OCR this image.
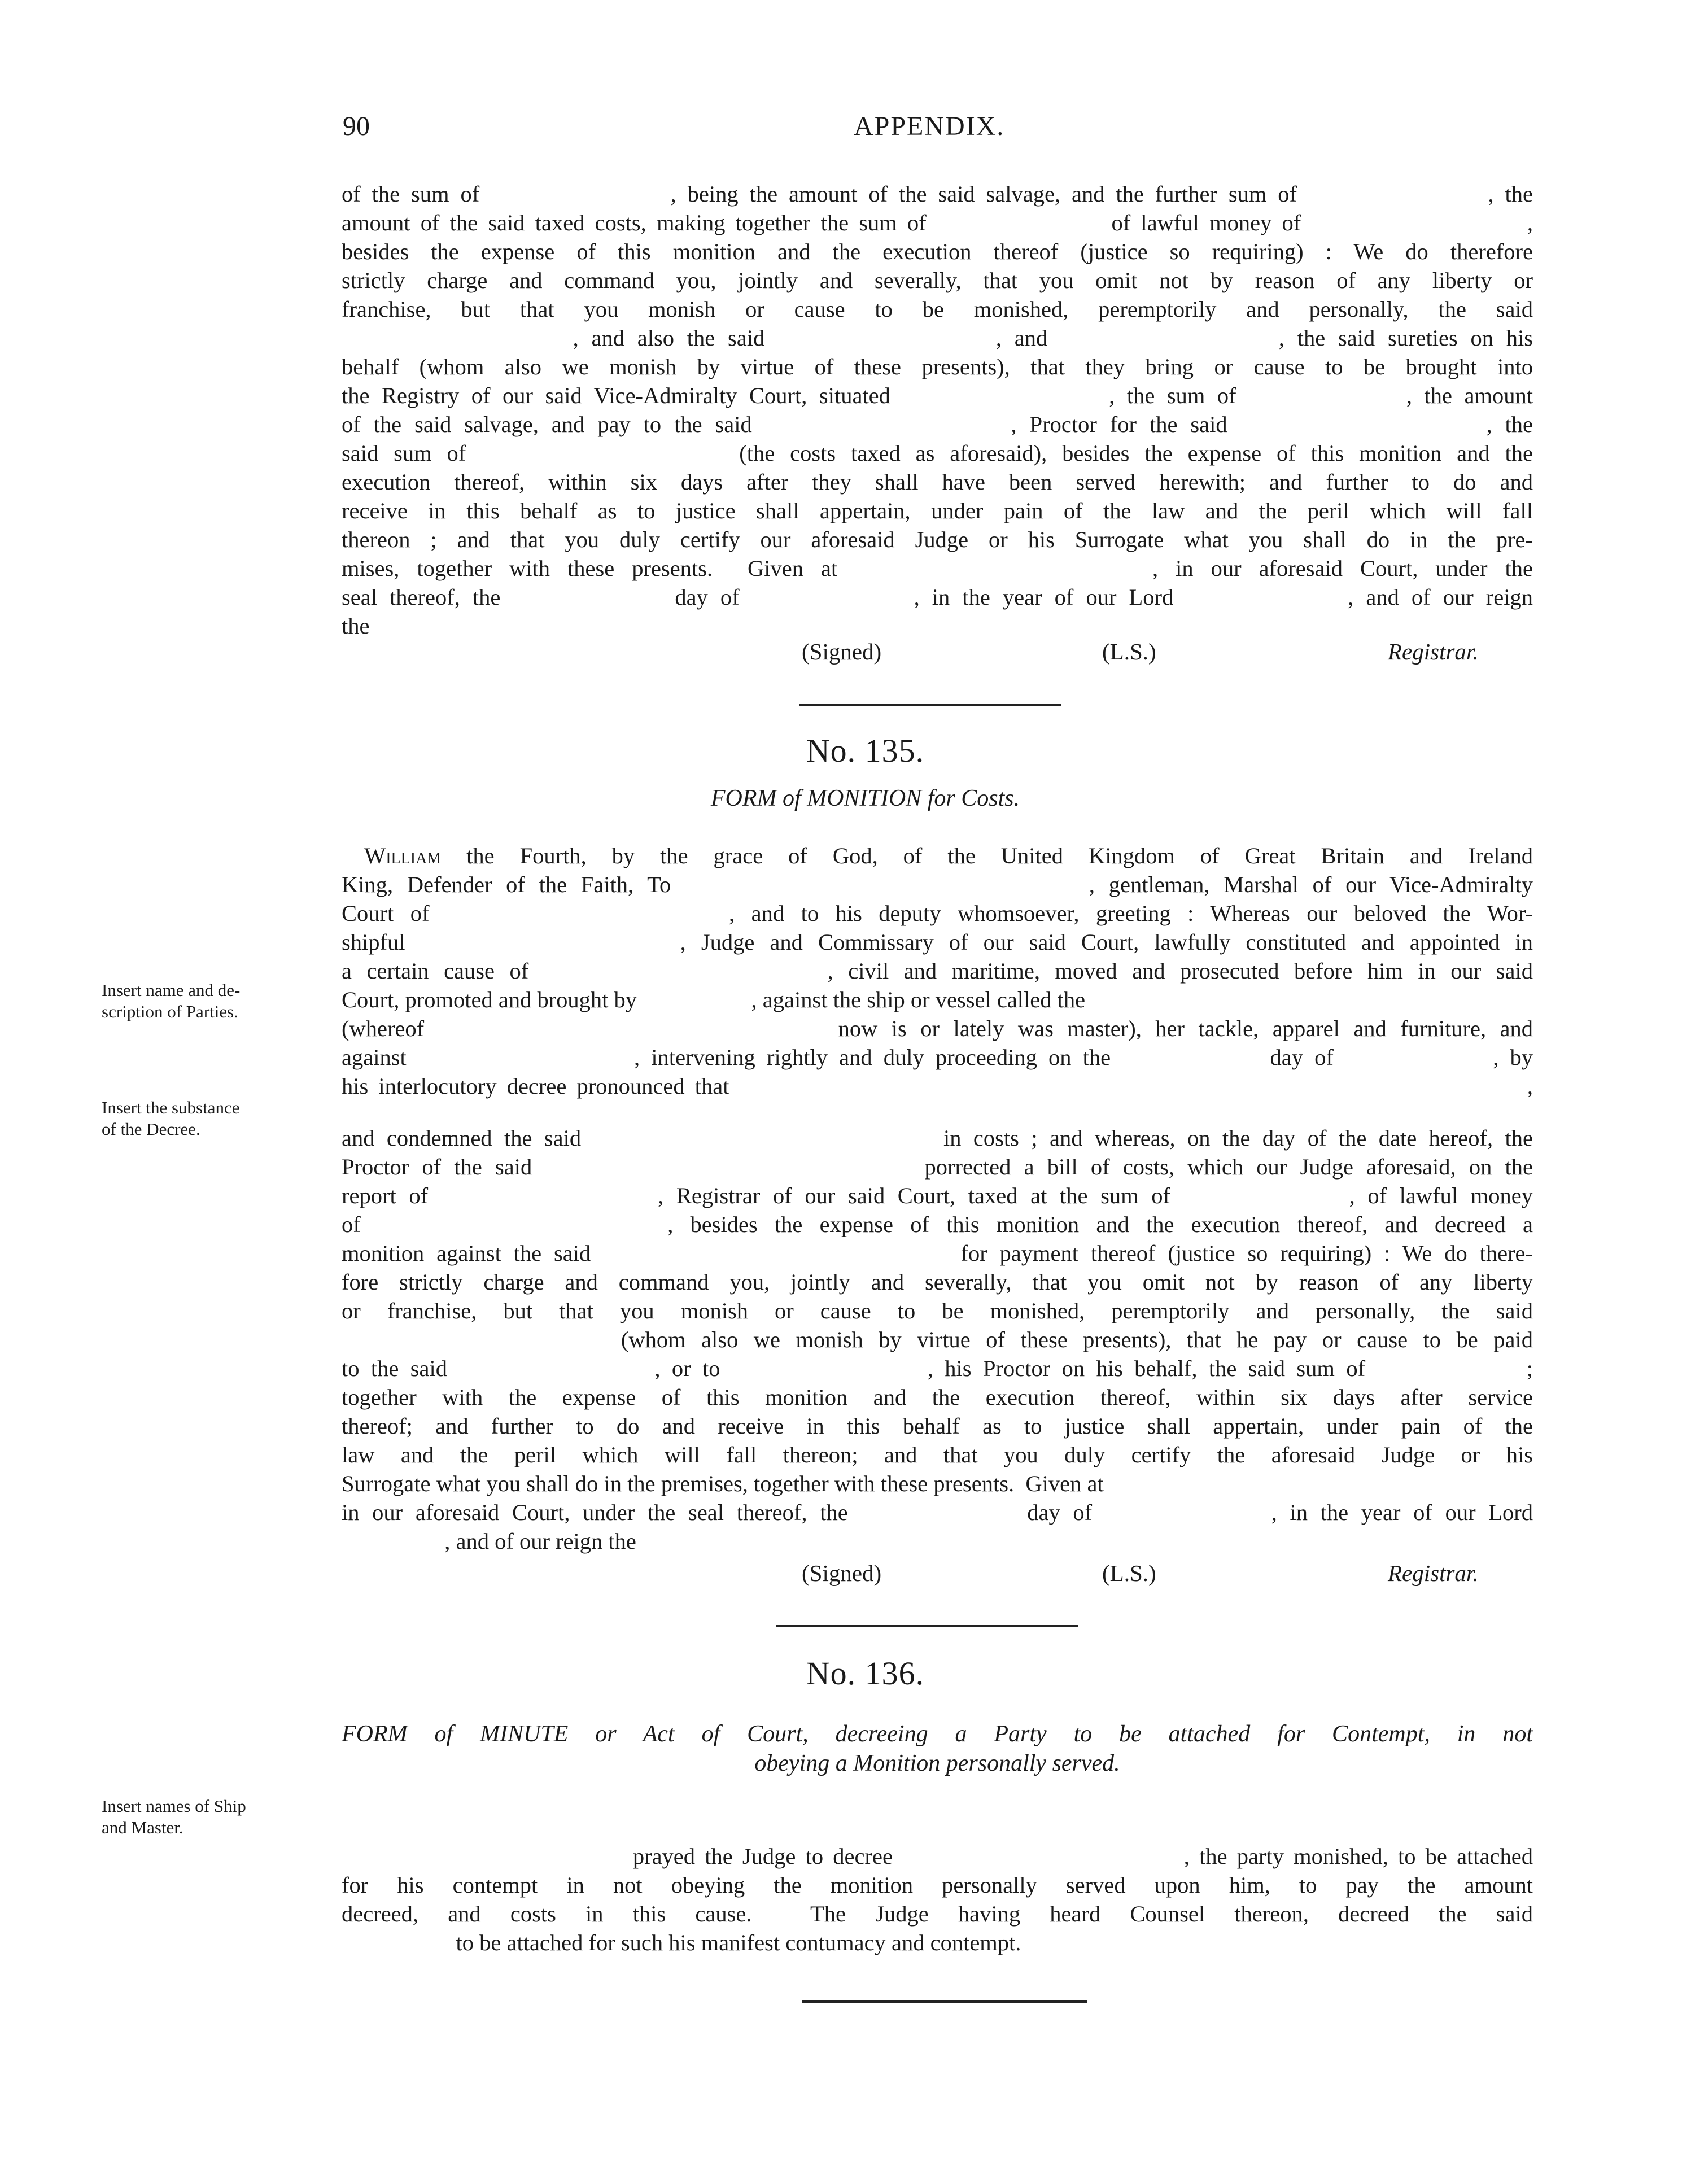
90	APPENDIX.
of the sum of                 , being the amount of the said salvage, and the further sum of                 , the
amount of the said taxed costs, making together the sum of                  of lawful money of                      ,
besides the expense of this monition and the execution thereof (justice so requiring) : We do therefore
strictly charge and command you, jointly and severally, that you omit not by reason of any liberty or
franchise, but that you monish or cause to be monished, peremptorily and personally, the said
, and also the said                  , and                  , the said sureties on his
behalf (whom also we monish by virtue of these presents), that they bring or cause to be brought into
the Registry of our said Vice-Admiralty Court, situated                  , the sum of              , the amount
of the said salvage, and pay to the said                    , Proctor for the said                    , the
said sum of                  (the costs taxed as aforesaid), besides the expense of this monition and the
execution thereof, within six days after they shall have been served herewith; and further to do and
receive in this behalf as to justice shall appertain, under pain of the law and the peril which will fall
thereon ; and that you duly certify our aforesaid Judge or his Surrogate what you shall do in the pre-
mises, together with these presents.  Given at                  , in our aforesaid Court, under the
seal thereof, the              day of              , in the year of our Lord              , and of our reign
the
(Signed)	(L.S.)	Registrar.
No. 135.
FORM of MONITION for Costs.
Insert name and de-
scription of Parties.
Insert the substance
of the Decree.
William the Fourth, by the grace of God, of the United Kingdom of Great Britain and Ireland
King, Defender of the Faith, To                              , gentleman, Marshal of our Vice-Admiralty
Court of                  , and to his deputy whomsoever, greeting : Whereas our beloved the Wor-
shipful                  , Judge and Commissary of our said Court, lawfully constituted and appointed in
a certain cause of                    , civil and maritime, moved and prosecuted before him in our said
Court, promoted and brought by                    , against the ship or vessel called the
(whereof                              now is or lately was master), her tackle, apparel and furniture, and
against                    , intervening rightly and duly proceeding on the              day of              , by
his interlocutory decree pronounced that                                                                              ,
and condemned the said                              in costs ; and whereas, on the day of the date hereof, the
Proctor of the said                              porrected a bill of costs, which our Judge aforesaid, on the
report of                  , Registrar of our said Court, taxed at the sum of              , of lawful money
of                  , besides the expense of this monition and the execution thereof, and decreed a
monition against the said                              for payment thereof (justice so requiring) : We do there-
fore strictly charge and command you, jointly and severally, that you omit not by reason of any liberty
or franchise, but that you monish or cause to be monished, peremptorily and personally, the said
(whom also we monish by virtue of these presents), that he pay or cause to be paid
to the said                  , or to                  , his Proctor on his behalf, the said sum of              ;
together with the expense of this monition and the execution thereof, within six days after service
thereof; and further to do and receive in this behalf as to justice shall appertain, under pain of the
law and the peril which will fall thereon; and that you duly certify the aforesaid Judge or his
Surrogate what you shall do in the premises, together with these presents.  Given at
in our aforesaid Court, under the seal thereof, the              day of              , in the year of our Lord
, and of our reign the
(Signed)	(L.S.)	Registrar.
No. 136.
FORM of MINUTE or Act of Court, decreeing a Party to be attached for Contempt, in not
obeying a Monition personally served.
Insert names of Ship
and Master.
prayed the Judge to decree                              , the party monished, to be attached
for his contempt in not obeying the monition personally served upon him, to pay the amount
decreed, and costs in this cause.  The Judge having heard Counsel thereon, decreed the said
to be attached for such his manifest contumacy and contempt.
